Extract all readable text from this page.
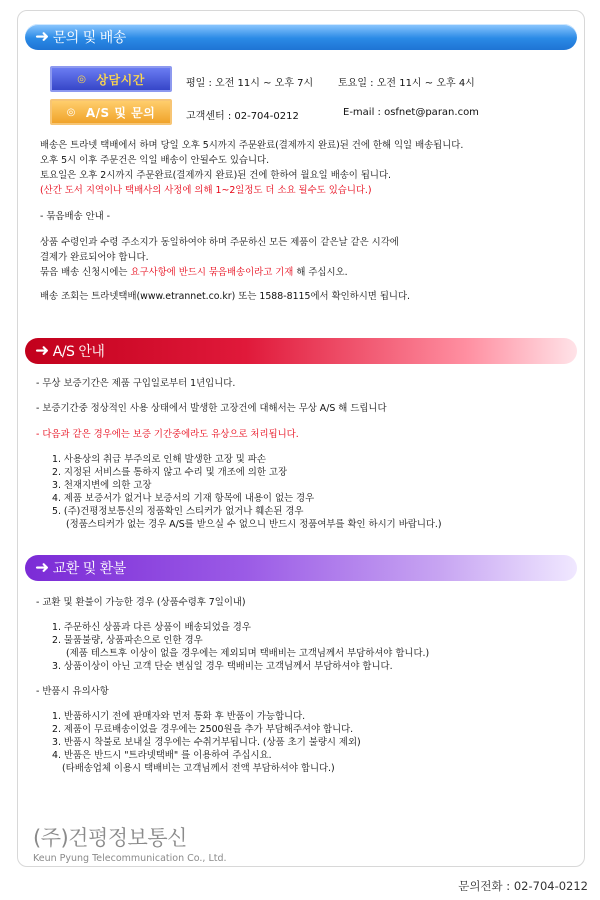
➜ 문의 및 배송
◎ 상담시간	평일 : 오전 11시 ~ 오후 7시 토요일 : 오전 11시 ~ 오후 4시
◎ A/S 및 문의	고객센터 : 02-704-0212	E-mail : osfnet@paran.com
배송은 트라넷 택배에서 하며 당일 오후 5시까지 주문완료(결제까지 완료)된 건에 한해 익일 배송됩니다.
오후 5시 이후 주문건은 익일 배송이 안될수도 있습니다.
토요일은 오후 2시까지 주문완료(결제까지 완료)된 건에 한하여 월요일 배송이 됩니다.
(산간 도서 지역이나 택배사의 사정에 의해 1~2일정도 더 소요 될수도 있습니다.)
- 묶음배송 안내 -
상품 수령인과 수령 주소지가 동일하여야 하며 주문하신 모든 제품이 같은날 같은 시각에
결제가 완료되어야 합니다.
묶음 배송 신청시에는 요구사항에 반드시 묶음배송이라고 기재 해 주십시오.
배송 조회는 트라넷택배(www.etrannet.co.kr) 또는 1588-8115에서 확인하시면 됩니다.
➜ A/S 안내
- 무상 보증기간은 제품 구입일로부터 1년입니다.
- 보증기간중 정상적인 사용 상태에서 발생한 고장건에 대해서는 무상 A/S 해 드립니다
- 다음과 같은 경우에는 보증 기간중에라도 유상으로 처리됩니다.
1. 사용상의 취급 부주의로 인해 발생한 고장 및 파손
2. 지정된 서비스를 통하지 않고 수리 및 개조에 의한 고장
3. 천재지변에 의한 고장
4. 제품 보증서가 없거나 보증서의 기재 항목에 내용이 없는 경우
5. (주)건평정보통신의 정품확인 스티커가 없거나 훼손된 경우
(정품스티커가 없는 경우 A/S를 받으실 수 없으니 반드시 정품여부를 확인 하시기 바랍니다.)
➜ 교환 및 환불
- 교환 및 환불이 가능한 경우 (상품수령후 7일이내)
1. 주문하신 상품과 다른 상품이 배송되었을 경우
2. 물품불량, 상품파손으로 인한 경우
(제품 테스트후 이상이 없을 경우에는 제외되며 택배비는 고객님께서 부담하셔야 합니다.)
3. 상품이상이 아닌 고객 단순 변심일 경우 택배비는 고객님께서 부담하셔야 합니다.
- 반품시 유의사항
1. 반품하시기 전에 판매자와 먼저 통화 후 반품이 가능합니다.
2. 제품이 무료배송이었을 경우에는 2500원을 추가 부담해주셔야 합니다.
3. 반품시 착불로 보내실 경우에는 수취거부됩니다. (상품 초기 불량시 제외)
4. 반품은 반드시 "트라넷택배" 를 이용하여 주십시요.
(타배송업체 이용시 택배비는 고객님께서 전액 부담하셔야 합니다.)
(주)건평정보통신
Keun Pyung Telecommunication Co., Ltd.
문의전화 : 02-704-0212
